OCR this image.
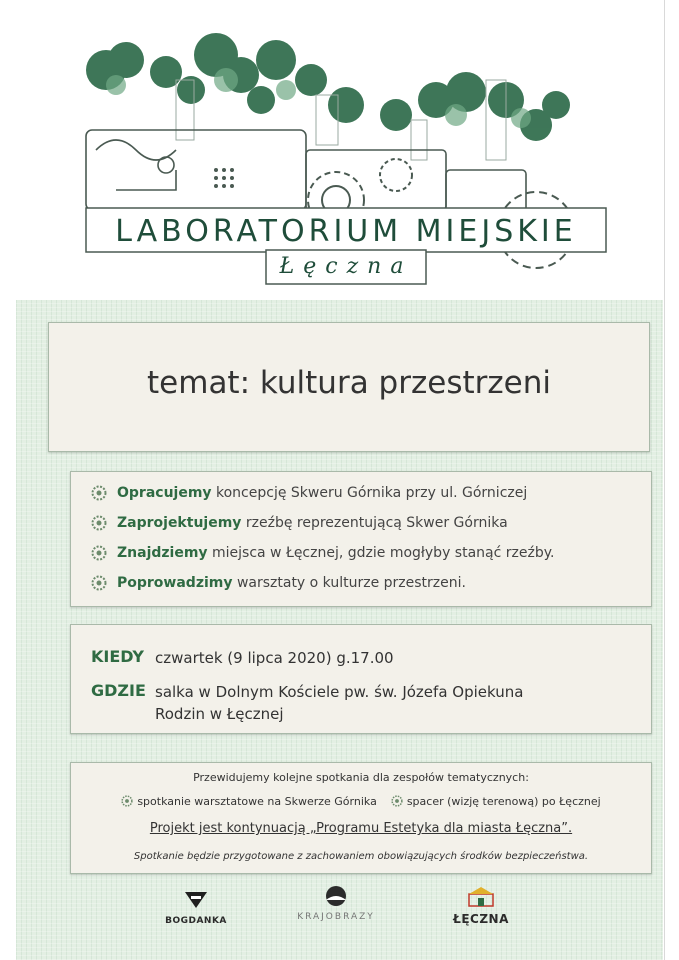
LABORATORIUM MIEJSKIE
Łęczna
temat: kultura przestrzeni
Opracujemy koncepcję Skweru Górnika przy ul. Górniczej
Zaprojektujemy rzeźbę reprezentującą Skwer Górnika
Znajdziemy miejsca w Łęcznej, gdzie mogłyby stanąć rzeźby.
Poprowadzimy warsztaty o kulturze przestrzeni.
KIEDY czwartek (9 lipca 2020) g.17.00
GDZIE salka w Dolnym Kościele pw. św. Józefa Opiekuna
Rodzin w Łęcznej
Przewidujemy kolejne spotkania dla zespołów tematycznych:
spotkanie warsztatowe na Skwerze Górnika	spacer (wizję terenową) po Łęcznej
Projekt jest kontynuacją „Programu Estetyka dla miasta Łęczna”.
Spotkanie będzie przygotowane z zachowaniem obowiązujących środków bezpieczeństwa.
BOGDANKA	KRAJOBRAZY	ŁĘCZNA
